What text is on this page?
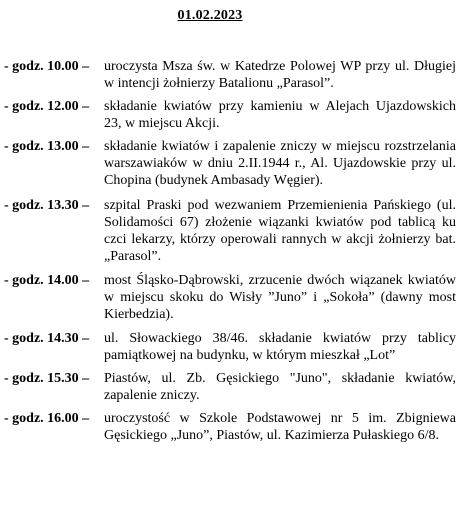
01.02.2023
- godz. 10.00 – uroczysta Msza św. w Katedrze Polowej WP przy ul. Długiej w intencji żołnierzy Batalionu „Parasol”.
- godz. 12.00 – składanie kwiatów przy kamieniu w Alejach Ujazdowskich 23, w miejscu Akcji.
- godz. 13.00 – składanie kwiatów i zapalenie zniczy w miejscu rozstrzelania warszawiaków w dniu 2.II.1944 r., Al. Ujazdowskie przy ul. Chopina (budynek Ambasady Węgier).
- godz. 13.30 – szpital Praski pod wezwaniem Przemienienia Pańskiego (ul. Solidamości 67) złożenie wiązanki kwiatów pod tablicą ku czci lekarzy, którzy operowali rannych w akcji żołnierzy bat. „Parasol”.
- godz. 14.00 – most Śląsko-Dąbrowski, zrzucenie dwóch wiązanek kwiatów w miejscu skoku do Wisły ”Juno” i „Sokoła” (dawny most Kierbedzia).
- godz. 14.30 – ul. Słowackiego 38/46. składanie kwiatów przy tablicy pamiątkowej na budynku, w którym mieszkał „Lot”
- godz. 15.30 – Piastów, ul. Zb. Gęsickiego "Juno", składanie kwiatów, zapalenie zniczy.
- godz. 16.00 – uroczystość w Szkole Podstawowej nr 5 im. Zbigniewa Gęsickiego „Juno”, Piastów, ul. Kazimierza Pułaskiego 6/8.
